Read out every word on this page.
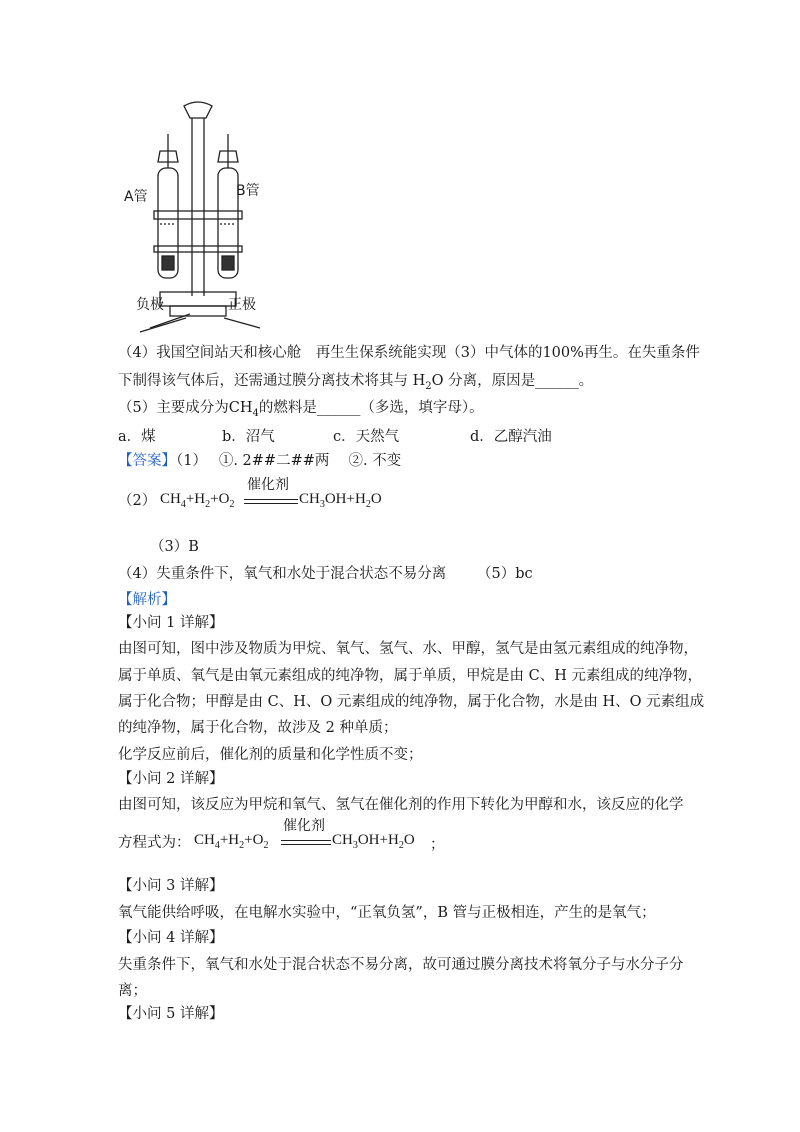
A管	B管
负极	正极
（4）我国空间站天和核心舱　再生生保系统能实现（3）中气体的100%再生。在失重条件
下制得该气体后，还需通过膜分离技术将其与 $H_2O$ 分离，原因是______。
（5）主要成分为$CH_4$的燃料是______（多选，填字母）。
a．煤	b．沼气	c．天然气	d．乙醇汽油
【答案】（1）　 ①. 2##二##两　 ②. 不变
（2） $CH_4+H_2+O_2$
催化剂
$CH_3OH+H_2O$
（3）B
（4）失重条件下，氧气和水处于混合状态不易分离 （5）bc
【解析】
【小问 1 详解】
由图可知，图中涉及物质为甲烷、氧气、氢气、水、甲醇，氢气是由氢元素组成的纯净物，
属于单质、氧气是由氧元素组成的纯净物，属于单质，甲烷是由 C、H 元素组成的纯净物，
属于化合物；甲醇是由 C、H、O 元素组成的纯净物，属于化合物，水是由 H、O 元素组成
的纯净物，属于化合物，故涉及 2 种单质；
化学反应前后，催化剂的质量和化学性质不变；
【小问 2 详解】
由图可知，该反应为甲烷和氧气、氢气在催化剂的作用下转化为甲醇和水，该反应的化学
方程式为： $CH_4+H_2+O_2$
催化剂
$CH_3OH+H_2O$ ；
【小问 3 详解】
氧气能供给呼吸，在电解水实验中，“正氧负氢”，B 管与正极相连，产生的是氧气；
【小问 4 详解】
失重条件下，氧气和水处于混合状态不易分离，故可通过膜分离技术将氧分子与水分子分
离；
【小问 5 详解】
